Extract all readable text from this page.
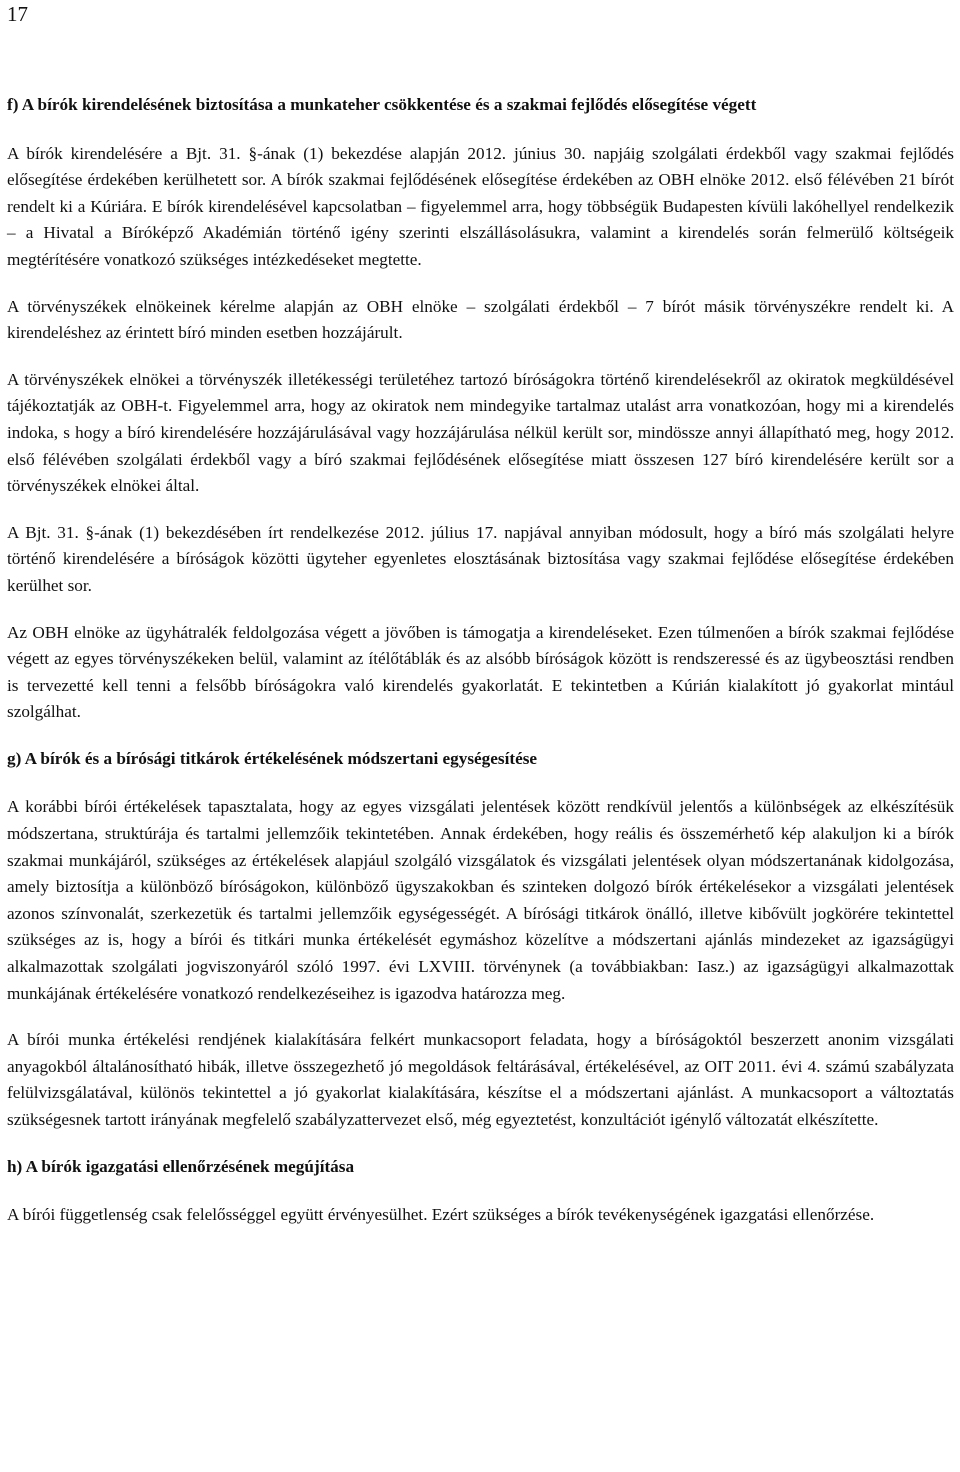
17
f) A bírók kirendelésének biztosítása a munkateher csökkentése és a szakmai fejlődés elősegítése végett

A bírók kirendelésére a Bjt. 31. §-ának (1) bekezdése alapján 2012. június 30. napjáig szolgálati érdekből vagy szakmai fejlődés elősegítése érdekében kerülhetett sor. A bírók szakmai fejlődésének elősegítése érdekében az OBH elnöke 2012. első félévében 21 bírót rendelt ki a Kúriára. E bírók kirendelésével kapcsolatban – figyelemmel arra, hogy többségük Budapesten kívüli lakóhellyel rendelkezik – a Hivatal a Bíróképző Akadémián történő igény szerinti elszállásolásukra, valamint a kirendelés során felmerülő költségeik megtérítésére vonatkozó szükséges intézkedéseket megtette.

A törvényszékek elnökeinek kérelme alapján az OBH elnöke – szolgálati érdekből – 7 bírót másik törvényszékre rendelt ki. A kirendeléshez az érintett bíró minden esetben hozzájárult.

A törvényszékek elnökei a törvényszék illetékességi területéhez tartozó bíróságokra történő kirendelésekről az okiratok megküldésével tájékoztatják az OBH-t. Figyelemmel arra, hogy az okiratok nem mindegyike tartalmaz utalást arra vonatkozóan, hogy mi a kirendelés indoka, s hogy a bíró kirendelésére hozzájárulásával vagy hozzájárulása nélkül került sor, mindössze annyi állapítható meg, hogy 2012. első félévében szolgálati érdekből vagy a bíró szakmai fejlődésének elősegítése miatt összesen 127 bíró kirendelésére került sor a törvényszékek elnökei által.

A Bjt. 31. §-ának (1) bekezdésében írt rendelkezése 2012. július 17. napjával annyiban módosult, hogy a bíró más szolgálati helyre történő kirendelésére a bíróságok közötti ügyteher egyenletes elosztásának biztosítása vagy szakmai fejlődése elősegítése érdekében kerülhet sor.

Az OBH elnöke az ügyhátralék feldolgozása végett a jövőben is támogatja a kirendeléseket. Ezen túlmenően a bírók szakmai fejlődése végett az egyes törvényszékeken belül, valamint az ítélőtáblák és az alsóbb bíróságok között is rendszeressé és az ügybeosztási rendben is tervezetté kell tenni a felsőbb bíróságokra való kirendelés gyakorlatát. E tekintetben a Kúrián kialakított jó gyakorlat mintául szolgálhat.

g) A bírók és a bírósági titkárok értékelésének módszertani egységesítése

A korábbi bírói értékelések tapasztalata, hogy az egyes vizsgálati jelentések között rendkívül jelentős a különbségek az elkészítésük módszertana, struktúrája és tartalmi jellemzőik tekintetében. Annak érdekében, hogy reális és összemérhető kép alakuljon ki a bírók szakmai munkájáról, szükséges az értékelések alapjául szolgáló vizsgálatok és vizsgálati jelentések olyan módszertanának kidolgozása, amely biztosítja a különböző bíróságokon, különböző ügyszakokban és szinteken dolgozó bírók értékelésekor a vizsgálati jelentések azonos színvonalát, szerkezetük és tartalmi jellemzőik egységességét. A bírósági titkárok önálló, illetve kibővült jogkörére tekintettel szükséges az is, hogy a bírói és titkári munka értékelését egymáshoz közelítve a módszertani ajánlás mindezeket az igazságügyi alkalmazottak szolgálati jogviszonyáról szóló 1997. évi LXVIII. törvénynek (a továbbiakban: Iasz.) az igazságügyi alkalmazottak munkájának értékelésére vonatkozó rendelkezéseihez is igazodva határozza meg.

A bírói munka értékelési rendjének kialakítására felkért munkacsoport feladata, hogy a bíróságoktól beszerzett anonim vizsgálati anyagokból általánosítható hibák, illetve összegezhető jó megoldások feltárásával, értékelésével, az OIT 2011. évi 4. számú szabályzata felülvizsgálatával, különös tekintettel a jó gyakorlat kialakítására, készítse el a módszertani ajánlást. A munkacsoport a változtatás szükségesnek tartott irányának megfelelő szabályzattervezet első, még egyeztetést, konzultációt igénylő változatát elkészítette.

h) A bírók igazgatási ellenőrzésének megújítása

A bírói függetlenség csak felelősséggel együtt érvényesülhet. Ezért szükséges a bírók tevékenységének igazgatási ellenőrzése.
